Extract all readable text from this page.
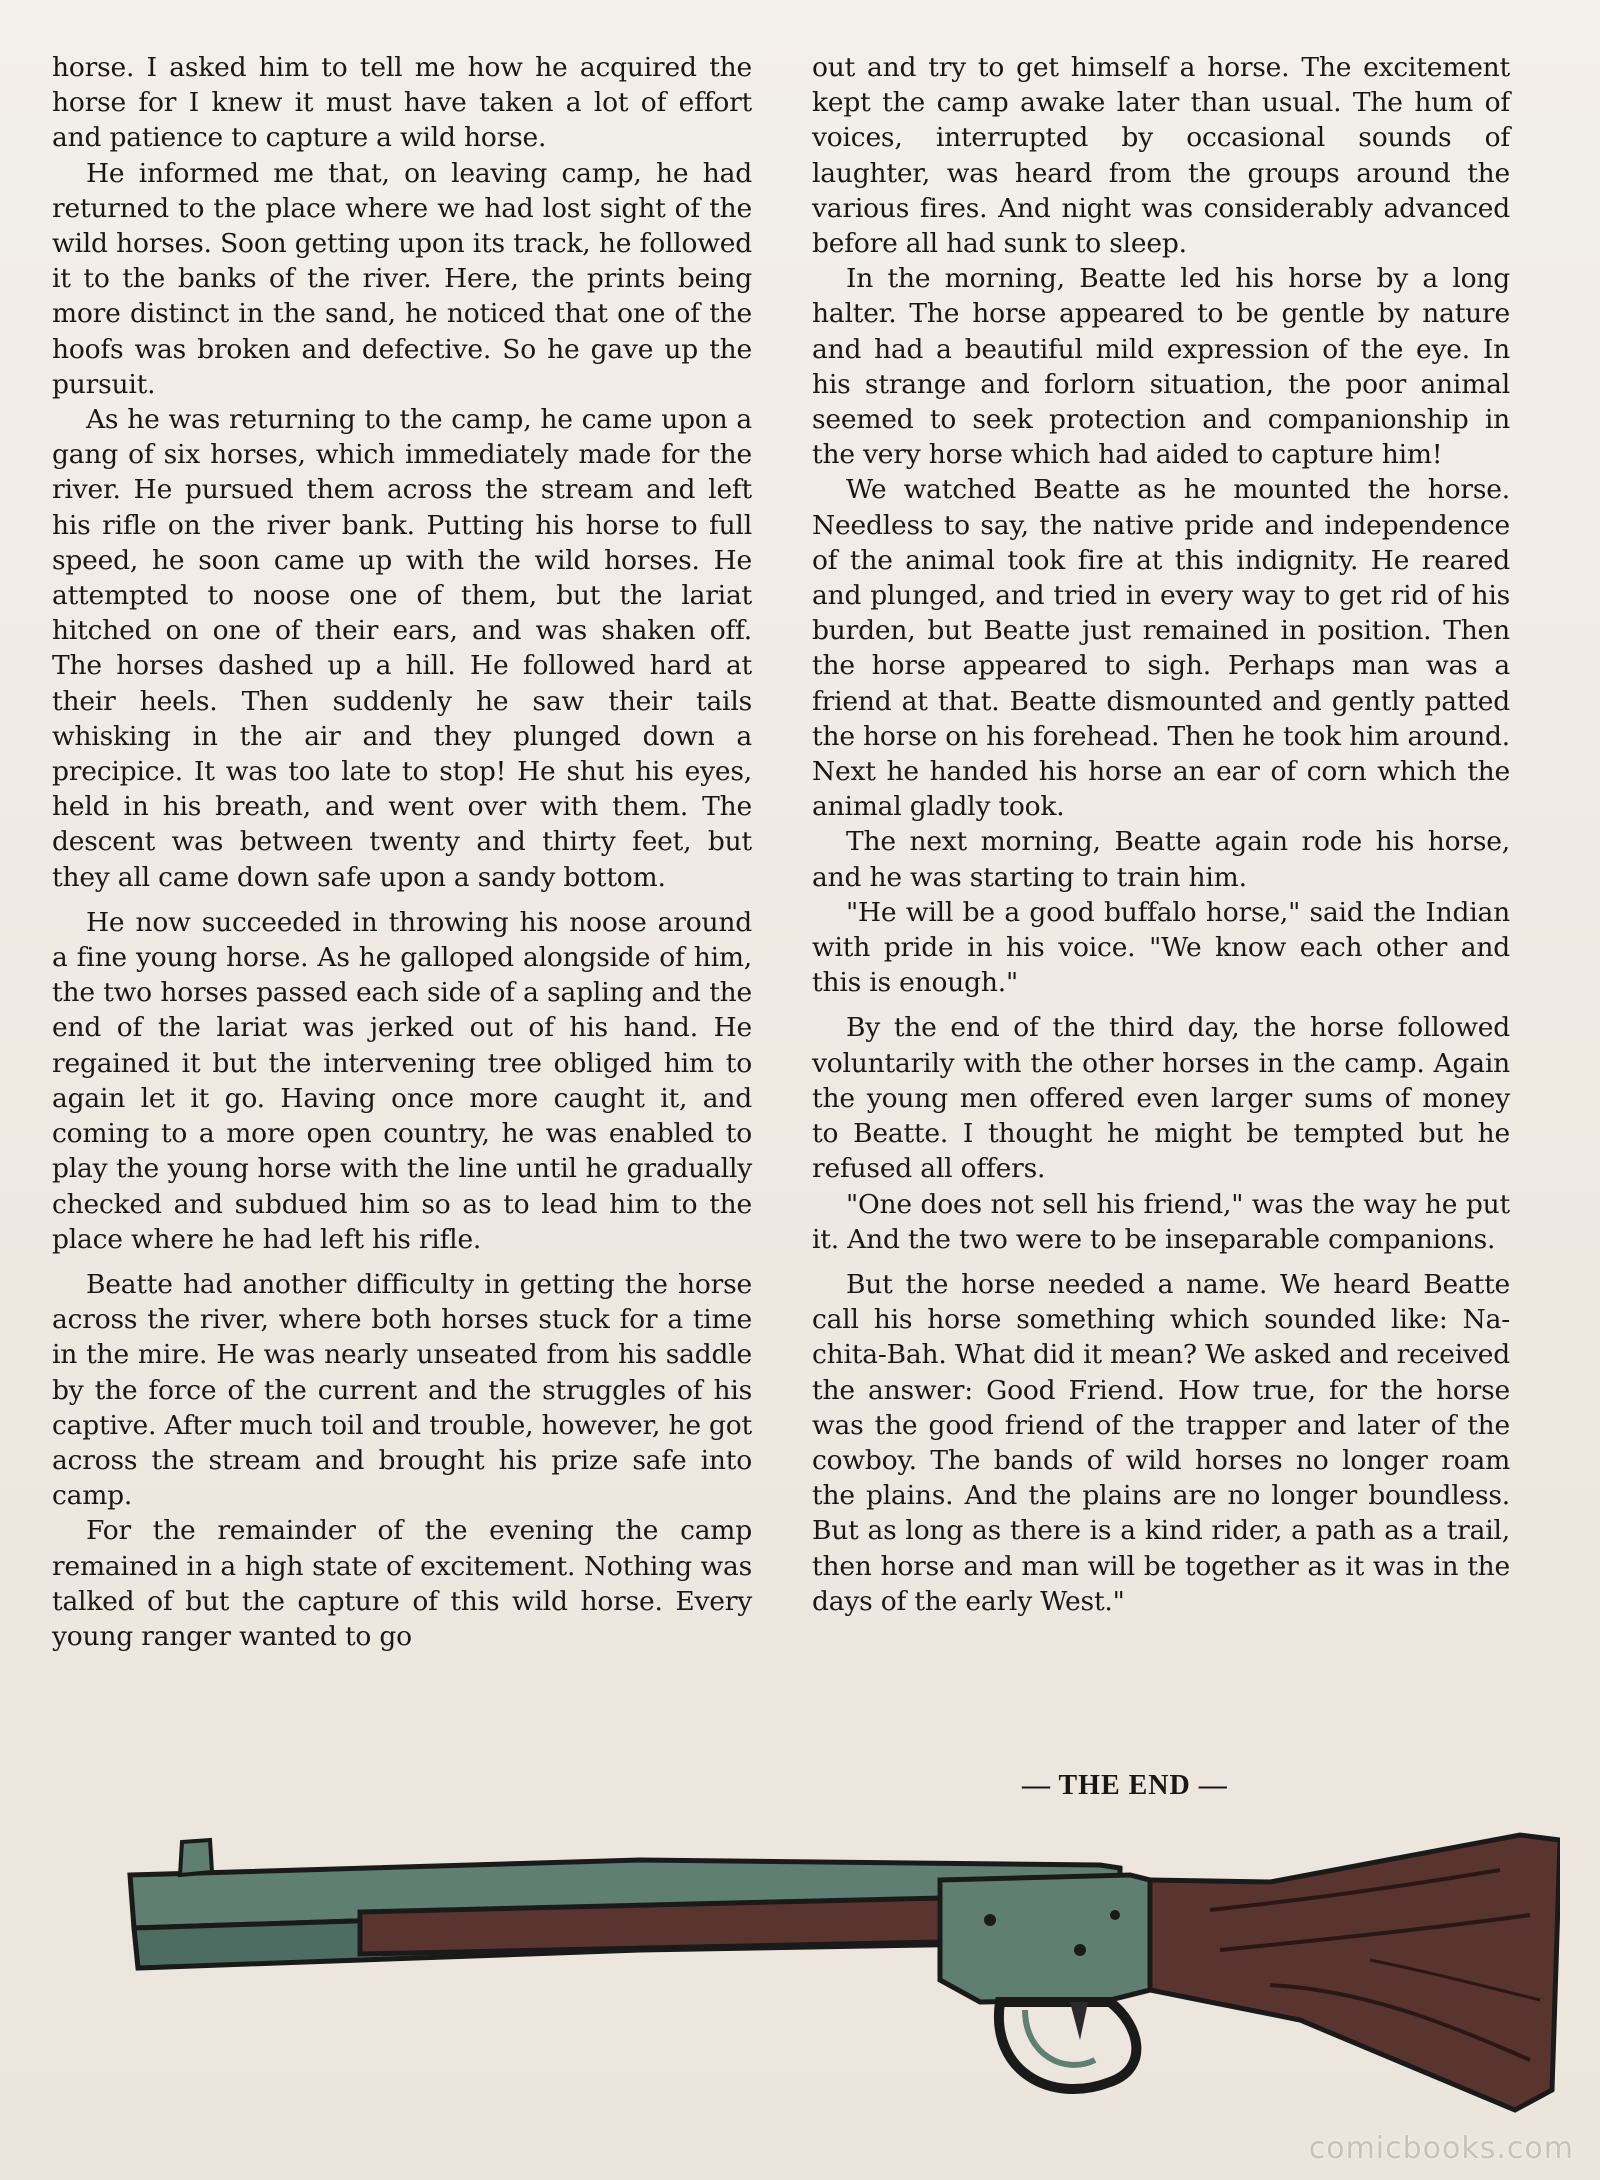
horse. I asked him to tell me how he acquired the horse for I knew it must have taken a lot of effort and patience to capture a wild horse.

He informed me that, on leaving camp, he had returned to the place where we had lost sight of the wild horses. Soon getting upon its track, he followed it to the banks of the river. Here, the prints being more distinct in the sand, he noticed that one of the hoofs was broken and defective. So he gave up the pursuit.

As he was returning to the camp, he came upon a gang of six horses, which immediately made for the river. He pursued them across the stream and left his rifle on the river bank. Putting his horse to full speed, he soon came up with the wild horses. He attempted to noose one of them, but the lariat hitched on one of their ears, and was shaken off. The horses dashed up a hill. He followed hard at their heels. Then suddenly he saw their tails whisking in the air and they plunged down a precipice. It was too late to stop! He shut his eyes, held in his breath, and went over with them. The descent was between twenty and thirty feet, but they all came down safe upon a sandy bottom.

He now succeeded in throwing his noose around a fine young horse. As he galloped alongside of him, the two horses passed each side of a sapling and the end of the lariat was jerked out of his hand. He regained it but the intervening tree obliged him to again let it go. Having once more caught it, and coming to a more open country, he was enabled to play the young horse with the line until he gradually checked and subdued him so as to lead him to the place where he had left his rifle.

Beatte had another difficulty in getting the horse across the river, where both horses stuck for a time in the mire. He was nearly unseated from his saddle by the force of the current and the struggles of his captive. After much toil and trouble, however, he got across the stream and brought his prize safe into camp.

For the remainder of the evening the camp remained in a high state of excitement. Nothing was talked of but the capture of this wild horse. Every young ranger wanted to go

out and try to get himself a horse. The excitement kept the camp awake later than usual. The hum of voices, interrupted by occasional sounds of laughter, was heard from the groups around the various fires. And night was considerably advanced before all had sunk to sleep.

In the morning, Beatte led his horse by a long halter. The horse appeared to be gentle by nature and had a beautiful mild expression of the eye. In his strange and forlorn situation, the poor animal seemed to seek protection and companionship in the very horse which had aided to capture him!

We watched Beatte as he mounted the horse. Needless to say, the native pride and independence of the animal took fire at this indignity. He reared and plunged, and tried in every way to get rid of his burden, but Beatte just remained in position. Then the horse appeared to sigh. Perhaps man was a friend at that. Beatte dismounted and gently patted the horse on his forehead. Then he took him around. Next he handed his horse an ear of corn which the animal gladly took.

The next morning, Beatte again rode his horse, and he was starting to train him.

"He will be a good buffalo horse," said the Indian with pride in his voice. "We know each other and this is enough."

By the end of the third day, the horse followed voluntarily with the other horses in the camp. Again the young men offered even larger sums of money to Beatte. I thought he might be tempted but he refused all offers.

"One does not sell his friend," was the way he put it. And the two were to be inseparable companions.

But the horse needed a name. We heard Beatte call his horse something which sounded like: Na-chita-Bah. What did it mean? We asked and received the answer: Good Friend. How true, for the horse was the good friend of the trapper and later of the cowboy. The bands of wild horses no longer roam the plains. And the plains are no longer boundless. But as long as there is a kind rider, a path as a trail, then horse and man will be together as it was in the days of the early West."

— THE END —
comicbooks.com
